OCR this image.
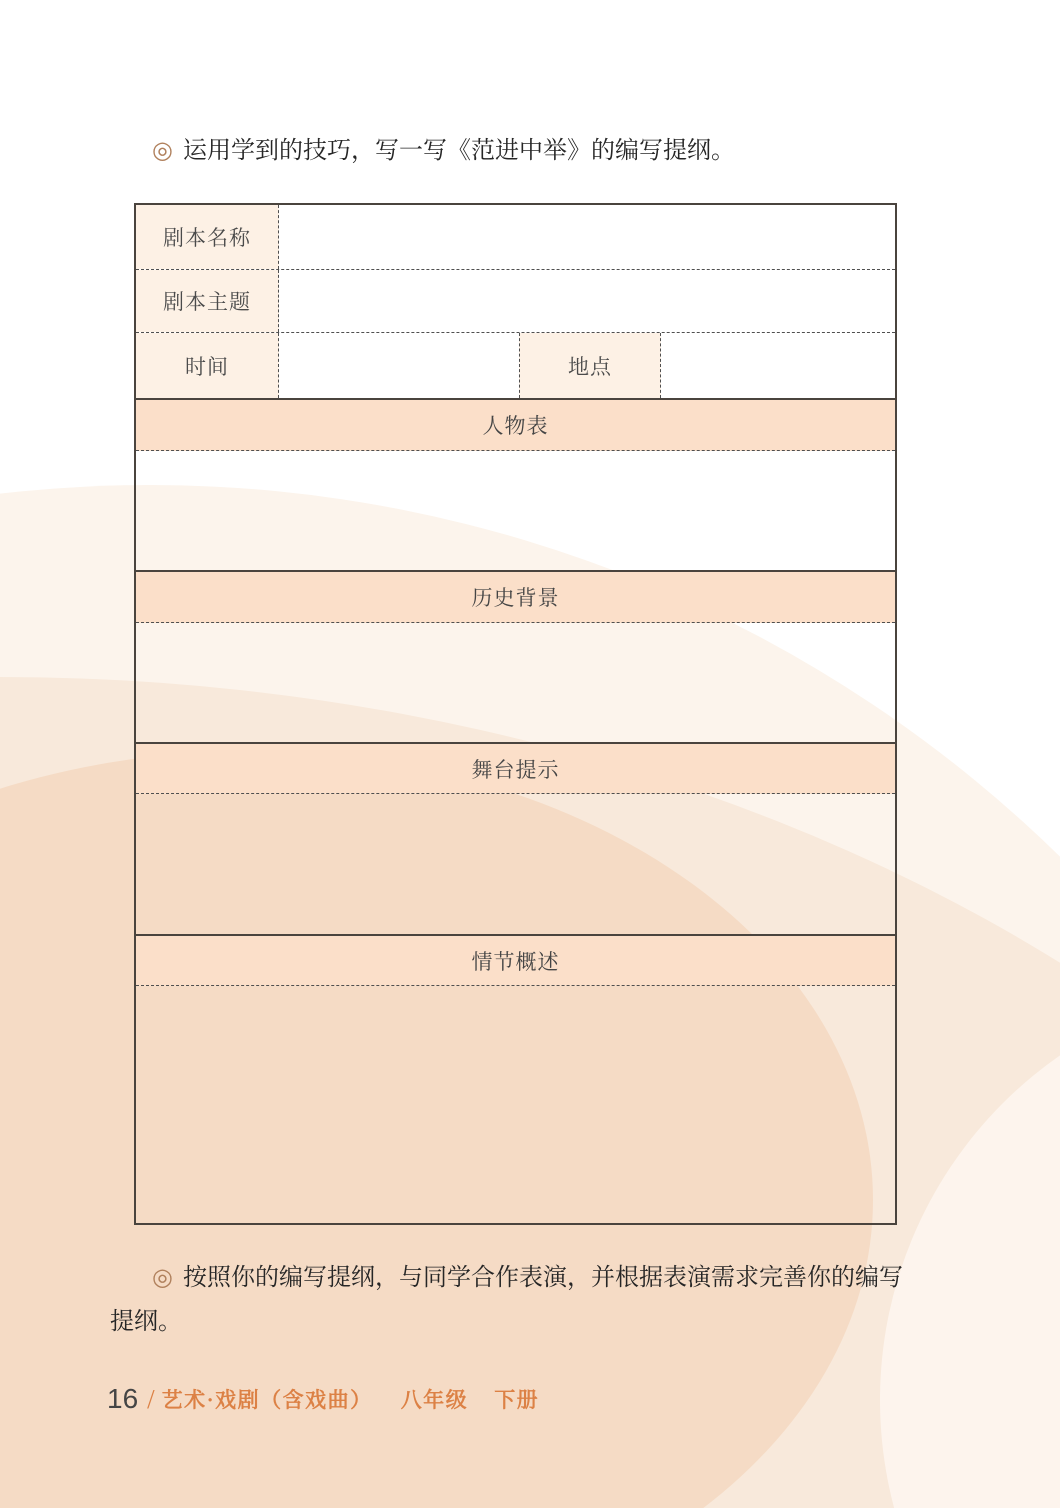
◎ 运用学到的技巧，写一写《范进中举》的编写提纲。
剧本名称
剧本主题
时间	地点
人物表
历史背景
舞台提示
情节概述
◎ 按照你的编写提纲，与同学合作表演，并根据表演需求完善你的编写
提纲。
16 / 艺术·戏剧（含戏曲） 八年级 下册
